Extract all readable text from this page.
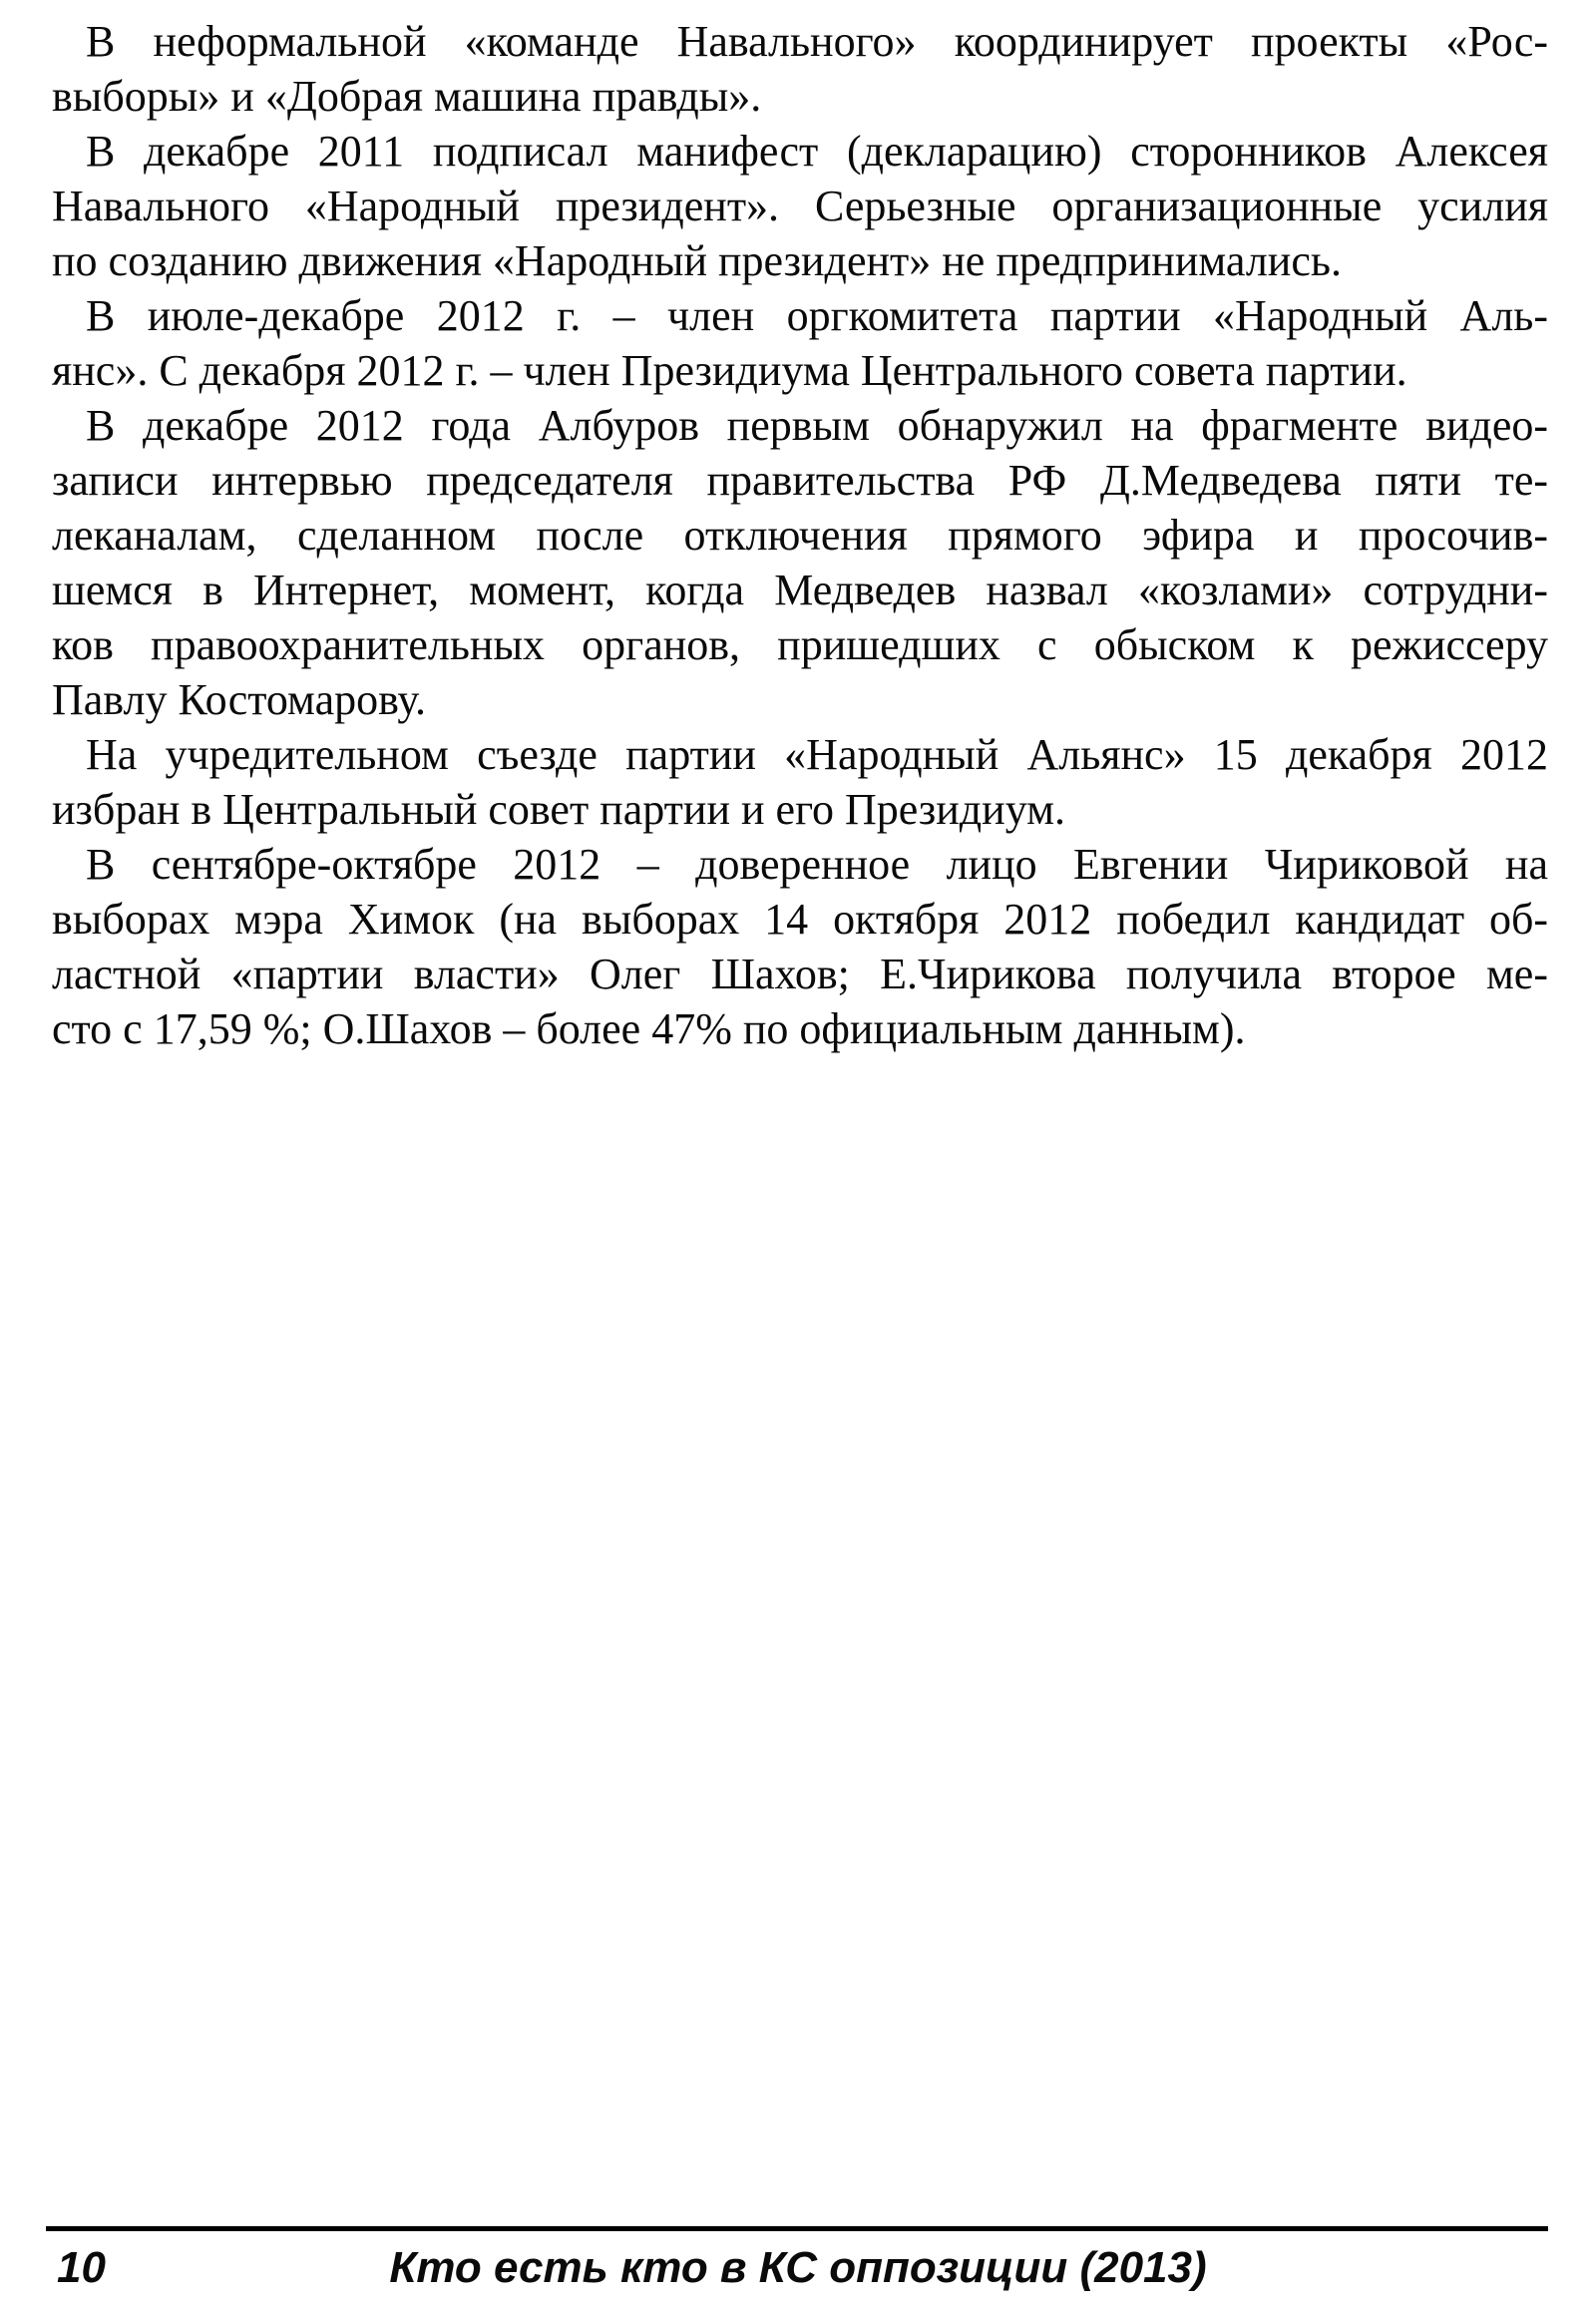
В неформальной «команде Навального» координирует проекты «Рос-
выборы» и «Добрая машина правды».
В декабре 2011 подписал манифест (декларацию) сторонников Алексея
Навального «Народный президент». Серьезные организационные усилия
по созданию движения «Народный президент» не предпринимались.
В июле-декабре 2012 г. – член оргкомитета партии «Народный Аль-
янс». С декабря 2012 г. – член Президиума Центрального совета партии.
В декабре 2012 года Албуров первым обнаружил на фрагменте видео-
записи интервью председателя правительства РФ Д.Медведева пяти те-
леканалам, сделанном после отключения прямого эфира и просочив-
шемся в Интернет, момент, когда Медведев назвал «козлами» сотрудни-
ков правоохранительных органов, пришедших с обыском к режиссеру
Павлу Костомарову.
На учредительном съезде партии «Народный Альянс» 15 декабря 2012
избран в Центральный совет партии и его Президиум.
В сентябре-октябре 2012 – доверенное лицо Евгении Чириковой на
выборах мэра Химок (на выборах 14 октября 2012 победил кандидат об-
ластной «партии власти» Олег Шахов; Е.Чирикова получила второе ме-
сто с 17,59 %; О.Шахов – более 47% по официальным данным).
10	Кто есть кто в КС оппозиции (2013)
